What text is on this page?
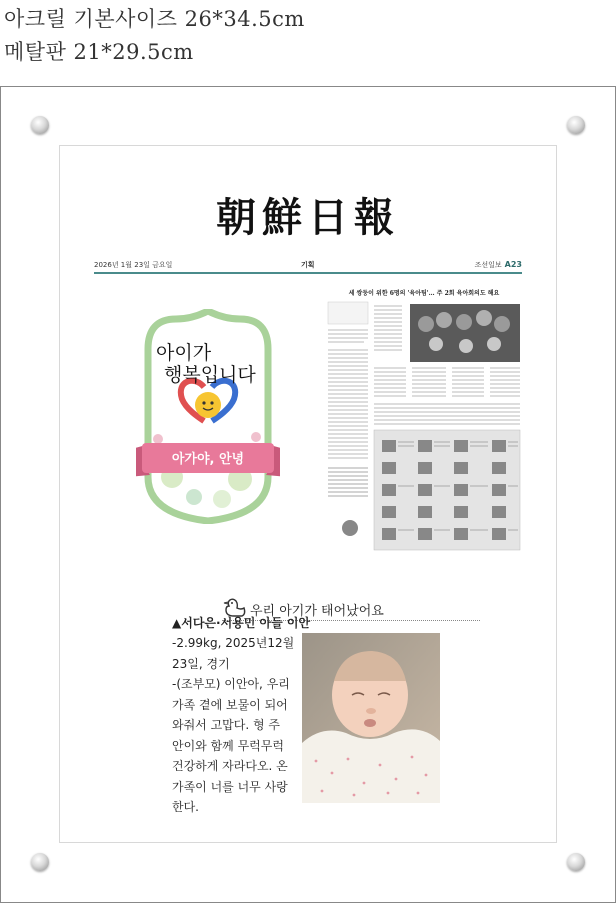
아크릴 기본사이즈 26*34.5cm
메탈판 21*29.5cm
朝鮮日報
2026년 1월 23일 금요일	기획	조선일보 A23
아이가
행복입니다
아가야, 안녕
세 쌍둥이 위한 6명의 '육아팀'… 주 2회 육아회의도 해요
우리 아기가 태어났어요
▲서다은·서용민 아들 이안
-2.99kg, 2025년12월
23일, 경기
-(조부모) 이안아, 우리
가족 곁에 보물이 되어
와줘서 고맙다. 형 주
안이와 함께 무럭무럭
건강하게 자라다오. 온
가족이 너를 너무 사랑
한다.
